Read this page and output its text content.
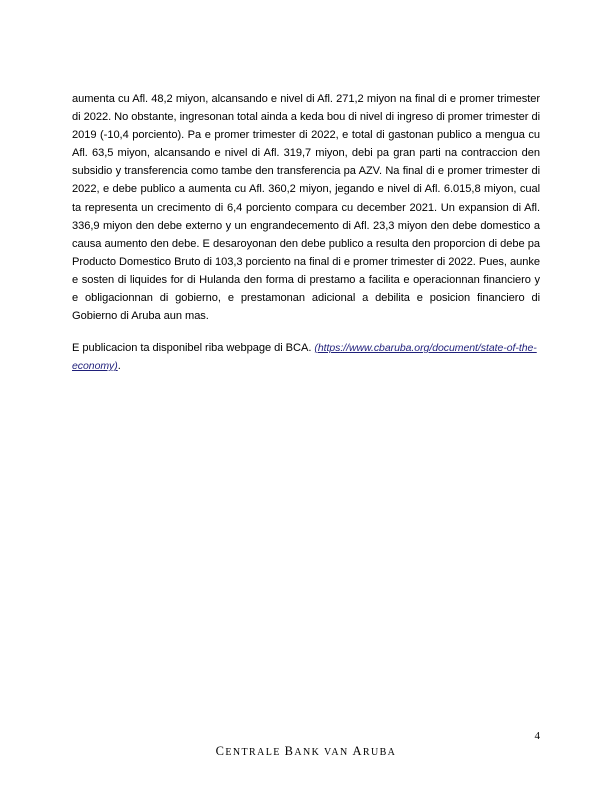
aumenta cu Afl. 48,2 miyon, alcansando e nivel di Afl. 271,2 miyon na final di e promer trimester di 2022. No obstante, ingresonan total ainda a keda bou di nivel di ingreso di promer trimester di 2019 (-10,4 porciento). Pa e promer trimester di 2022, e total di gastonan publico a mengua cu Afl. 63,5 miyon, alcansando e nivel di Afl. 319,7 miyon, debi pa gran parti na contraccion den subsidio y transferencia como tambe den transferencia pa AZV. Na final di e promer trimester di 2022, e debe publico a aumenta cu Afl. 360,2 miyon, jegando e nivel di Afl. 6.015,8 miyon, cual ta representa un crecimento di 6,4 porciento compara cu december 2021. Un expansion di Afl. 336,9 miyon den debe externo y un engrandecemento di Afl. 23,3 miyon den debe domestico a causa aumento den debe. E desaroyonan den debe publico a resulta den proporcion di debe pa Producto Domestico Bruto di 103,3 porciento na final di e promer trimester di 2022. Pues, aunke e sosten di liquides for di Hulanda den forma di prestamo a facilita e operacionnan financiero y e obligacionnan di gobierno, e prestamonan adicional a debilita e posicion financiero di Gobierno di Aruba aun mas.

E publicacion ta disponibel riba webpage di BCA. (https://www.cbaruba.org/document/state-of-the-economy).

4
CENTRALE BANK VAN ARUBA
